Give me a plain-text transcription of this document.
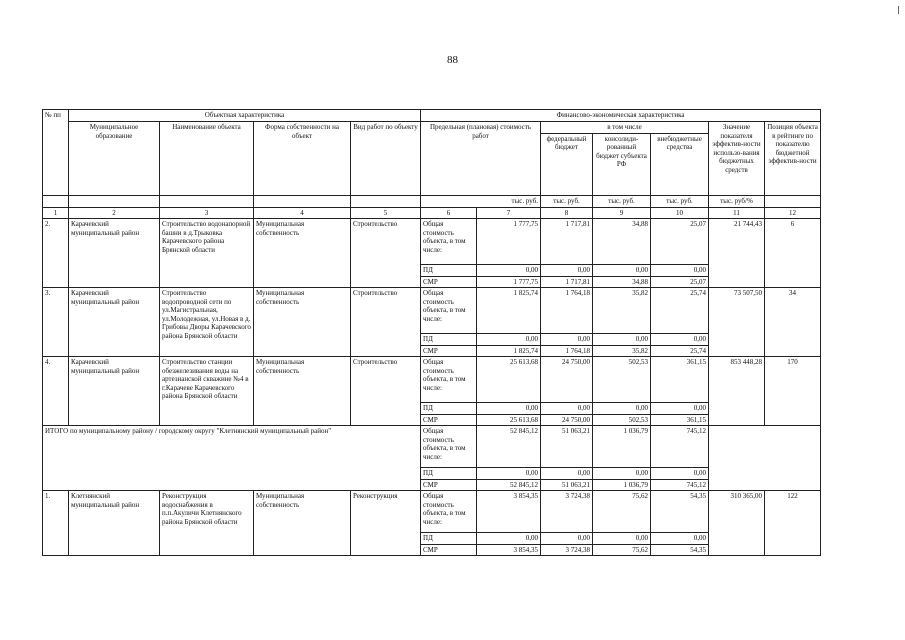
88
№ пп	Объектная характеристика				Финансово-экономическая характеристика						
	Муниципальное образование	Наименование объекта	Форма собственности на объект	Вид работ по объекту	Предельная (плановая) стоимость работ		в том числе			Значение показателя эффектив-ности использо-вания бюджетных средств	Позиция объекта в рейтинге по показателю бюджетной эффектив-ности
							федеральный бюджет	консолиди-рованный бюджет субъекта РФ	внебюджетные средства		
					тыс. руб.		тыс. руб.	тыс. руб.	тыс. руб.	тыс. руб/%	
1	2	3	4	5	6	7	8	9	10	11	12
2.	Карачевский муниципальный район	Строительство водонапорной башни в д.Трыковка Карачевского района Брянской области	Муниципальная собственность	Строительство	Общая стоимость объекта, в том числе:	1 777,75	1 717,81	34,88	25,07	21 744,43	6
					ПД	0,00	0,00	0,00	0,00		
					СМР	1 777,75	1 717,81	34,88	25,07		
3.	Карачевский муниципальный район	Строительство водопроводной сети по ул.Магистральная, ул.Молодежная, ул.Новая в д. Грибовы Дворы Карачевского района Брянской области	Муниципальная собственность	Строительство	Общая стоимость объекта, в том числе:	1 825,74	1 764,18	35,82	25,74	73 507,50	34
					ПД	0,00	0,00	0,00	0,00		
					СМР	1 825,74	1 764,18	35,82	25,74		
4.	Карачевский муниципальный район	Строительство станции обезжелезивания воды на артезианской скважине №4 в г.Карачеве Карачевского района Брянской области	Муниципальная собственность	Строительство	Общая стоимость объекта, в том числе:	25 613,68	24 750,00	502,53	361,15	853 448,28	170
					ПД	0,00	0,00	0,00	0,00		
					СМР	25 613,68	24 750,00	502,53	361,15		
ИТОГО по муниципальному району / городскому округу "Клетнянский муниципальный район"					Общая стоимость объекта, в том числе:	52 845,12	51 063,21	1 036,79	745,12		
					ПД	0,00	0,00	0,00	0,00		
					СМР	52 845,12	51 063,21	1 036,79	745,12		
1.	Клетнянский муниципальный район	Реконструкция водоснабжения в п.п.Акуличи Клетнянского района Брянской области	Муниципальная собственность	Реконструкция	Общая стоимость объекта, в том числе:	3 854,35	3 724,38	75,62	54,35	310 365,00	122
					ПД	0,00	0,00	0,00	0,00		
					СМР	3 854,35	3 724,38	75,62	54,35		
